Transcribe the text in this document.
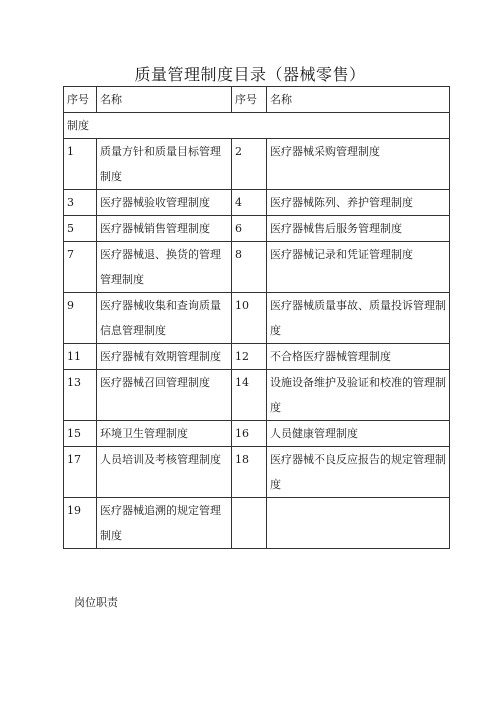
质量管理制度目录（器械零售）
序号	名称	序号	名称
制度			
1	质量方针和质量目标管理制度	2	医疗器械采购管理制度
3	医疗器械验收管理制度	4	医疗器械陈列、养护管理制度
5	医疗器械销售管理制度	6	医疗器械售后服务管理制度
7	医疗器械退、换货的管理管理制度	8	医疗器械记录和凭证管理制度
9	医疗器械收集和查询质量信息管理制度	10	医疗器械质量事故、质量投诉管理制度
11	医疗器械有效期管理制度	12	不合格医疗器械管理制度
13	医疗器械召回管理制度	14	设施设备维护及验证和校准的管理制度
15	环境卫生管理制度	16	人员健康管理制度
17	人员培训及考核管理制度	18	医疗器械不良反应报告的规定管理制度
19	医疗器械追溯的规定管理制度		
岗位职责
